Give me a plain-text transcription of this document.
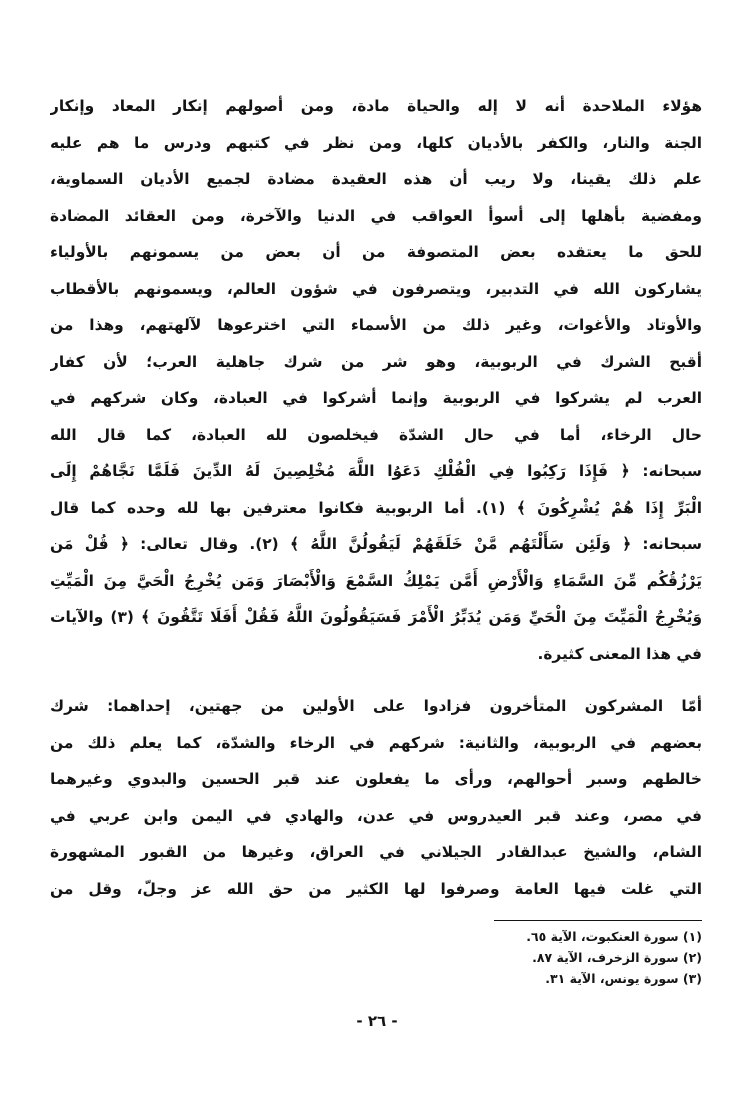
هؤلاء الملاحدة أنه لا إله والحياة مادة، ومن أصولهم إنكار المعاد وإنكار
الجنة والنار، والكفر بالأديان كلها، ومن نظر في كتبهم ودرس ما هم عليه
علم ذلك يقينا، ولا ريب أن هذه العقيدة مضادة لجميع الأديان السماوية،
ومفضية بأهلها إلى أسوأ العواقب في الدنيا والآخرة، ومن العقائد المضادة
للحق ما يعتقده بعض المتصوفة من أن بعض من يسمونهم بالأولياء
يشاركون الله في التدبير، ويتصرفون في شؤون العالم، ويسمونهم بالأقطاب
والأوتاد والأغوات، وغير ذلك من الأسماء التي اخترعوها لآلهتهم، وهذا من
أقبح الشرك في الربوبية، وهو شر من شرك جاهلية العرب؛ لأن كفار
العرب لم يشركوا في الربوبية وإنما أشركوا في العبادة، وكان شركهم في
حال الرخاء، أما في حال الشدّة فيخلصون لله العبادة، كما قال الله
سبحانه: ﴿ فَإِذَا رَكِبُوا فِي الْفُلْكِ دَعَوُا اللَّهَ مُخْلِصِينَ لَهُ الدِّينَ فَلَمَّا نَجَّاهُمْ إِلَى
الْبَرِّ إِذَا هُمْ يُشْرِكُونَ ﴾ (١). أما الربوبية فكانوا معترفين بها لله وحده كما قال
سبحانه: ﴿ وَلَئِن سَأَلْتَهُم مَّنْ خَلَقَهُمْ لَيَقُولُنَّ اللَّهُ ﴾ (٢). وقال تعالى: ﴿ قُلْ مَن
يَرْزُقُكُم مِّنَ السَّمَاءِ وَالْأَرْضِ أَمَّن يَمْلِكُ السَّمْعَ وَالْأَبْصَارَ وَمَن يُخْرِجُ الْحَيَّ مِنَ الْمَيِّتِ
وَيُخْرِجُ الْمَيِّتَ مِنَ الْحَيِّ وَمَن يُدَبِّرُ الْأَمْرَ فَسَيَقُولُونَ اللَّهُ فَقُلْ أَفَلَا تَتَّقُونَ ﴾ (٣) والآيات
في هذا المعنى كثيرة.
أمّا المشركون المتأخرون فزادوا على الأولين من جهتين، إحداهما: شرك
بعضهم في الربوبية، والثانية: شركهم في الرخاء والشدّة، كما يعلم ذلك من
خالطهم وسبر أحوالهم، ورأى ما يفعلون عند قبر الحسين والبدوي وغيرهما
في مصر، وعند قبر العيدروس في عدن، والهادي في اليمن وابن عربي في
الشام، والشيخ عبدالقادر الجيلاني في العراق، وغيرها من القبور المشهورة
التي غلت فيها العامة وصرفوا لها الكثير من حق الله عز وجلّ، وقل من
(١) سورة العنكبوت، الآية ٦٥.
(٢) سورة الزخرف، الآية ٨٧.
(٣) سورة يونس، الآية ٣١.
- ٢٦ -
